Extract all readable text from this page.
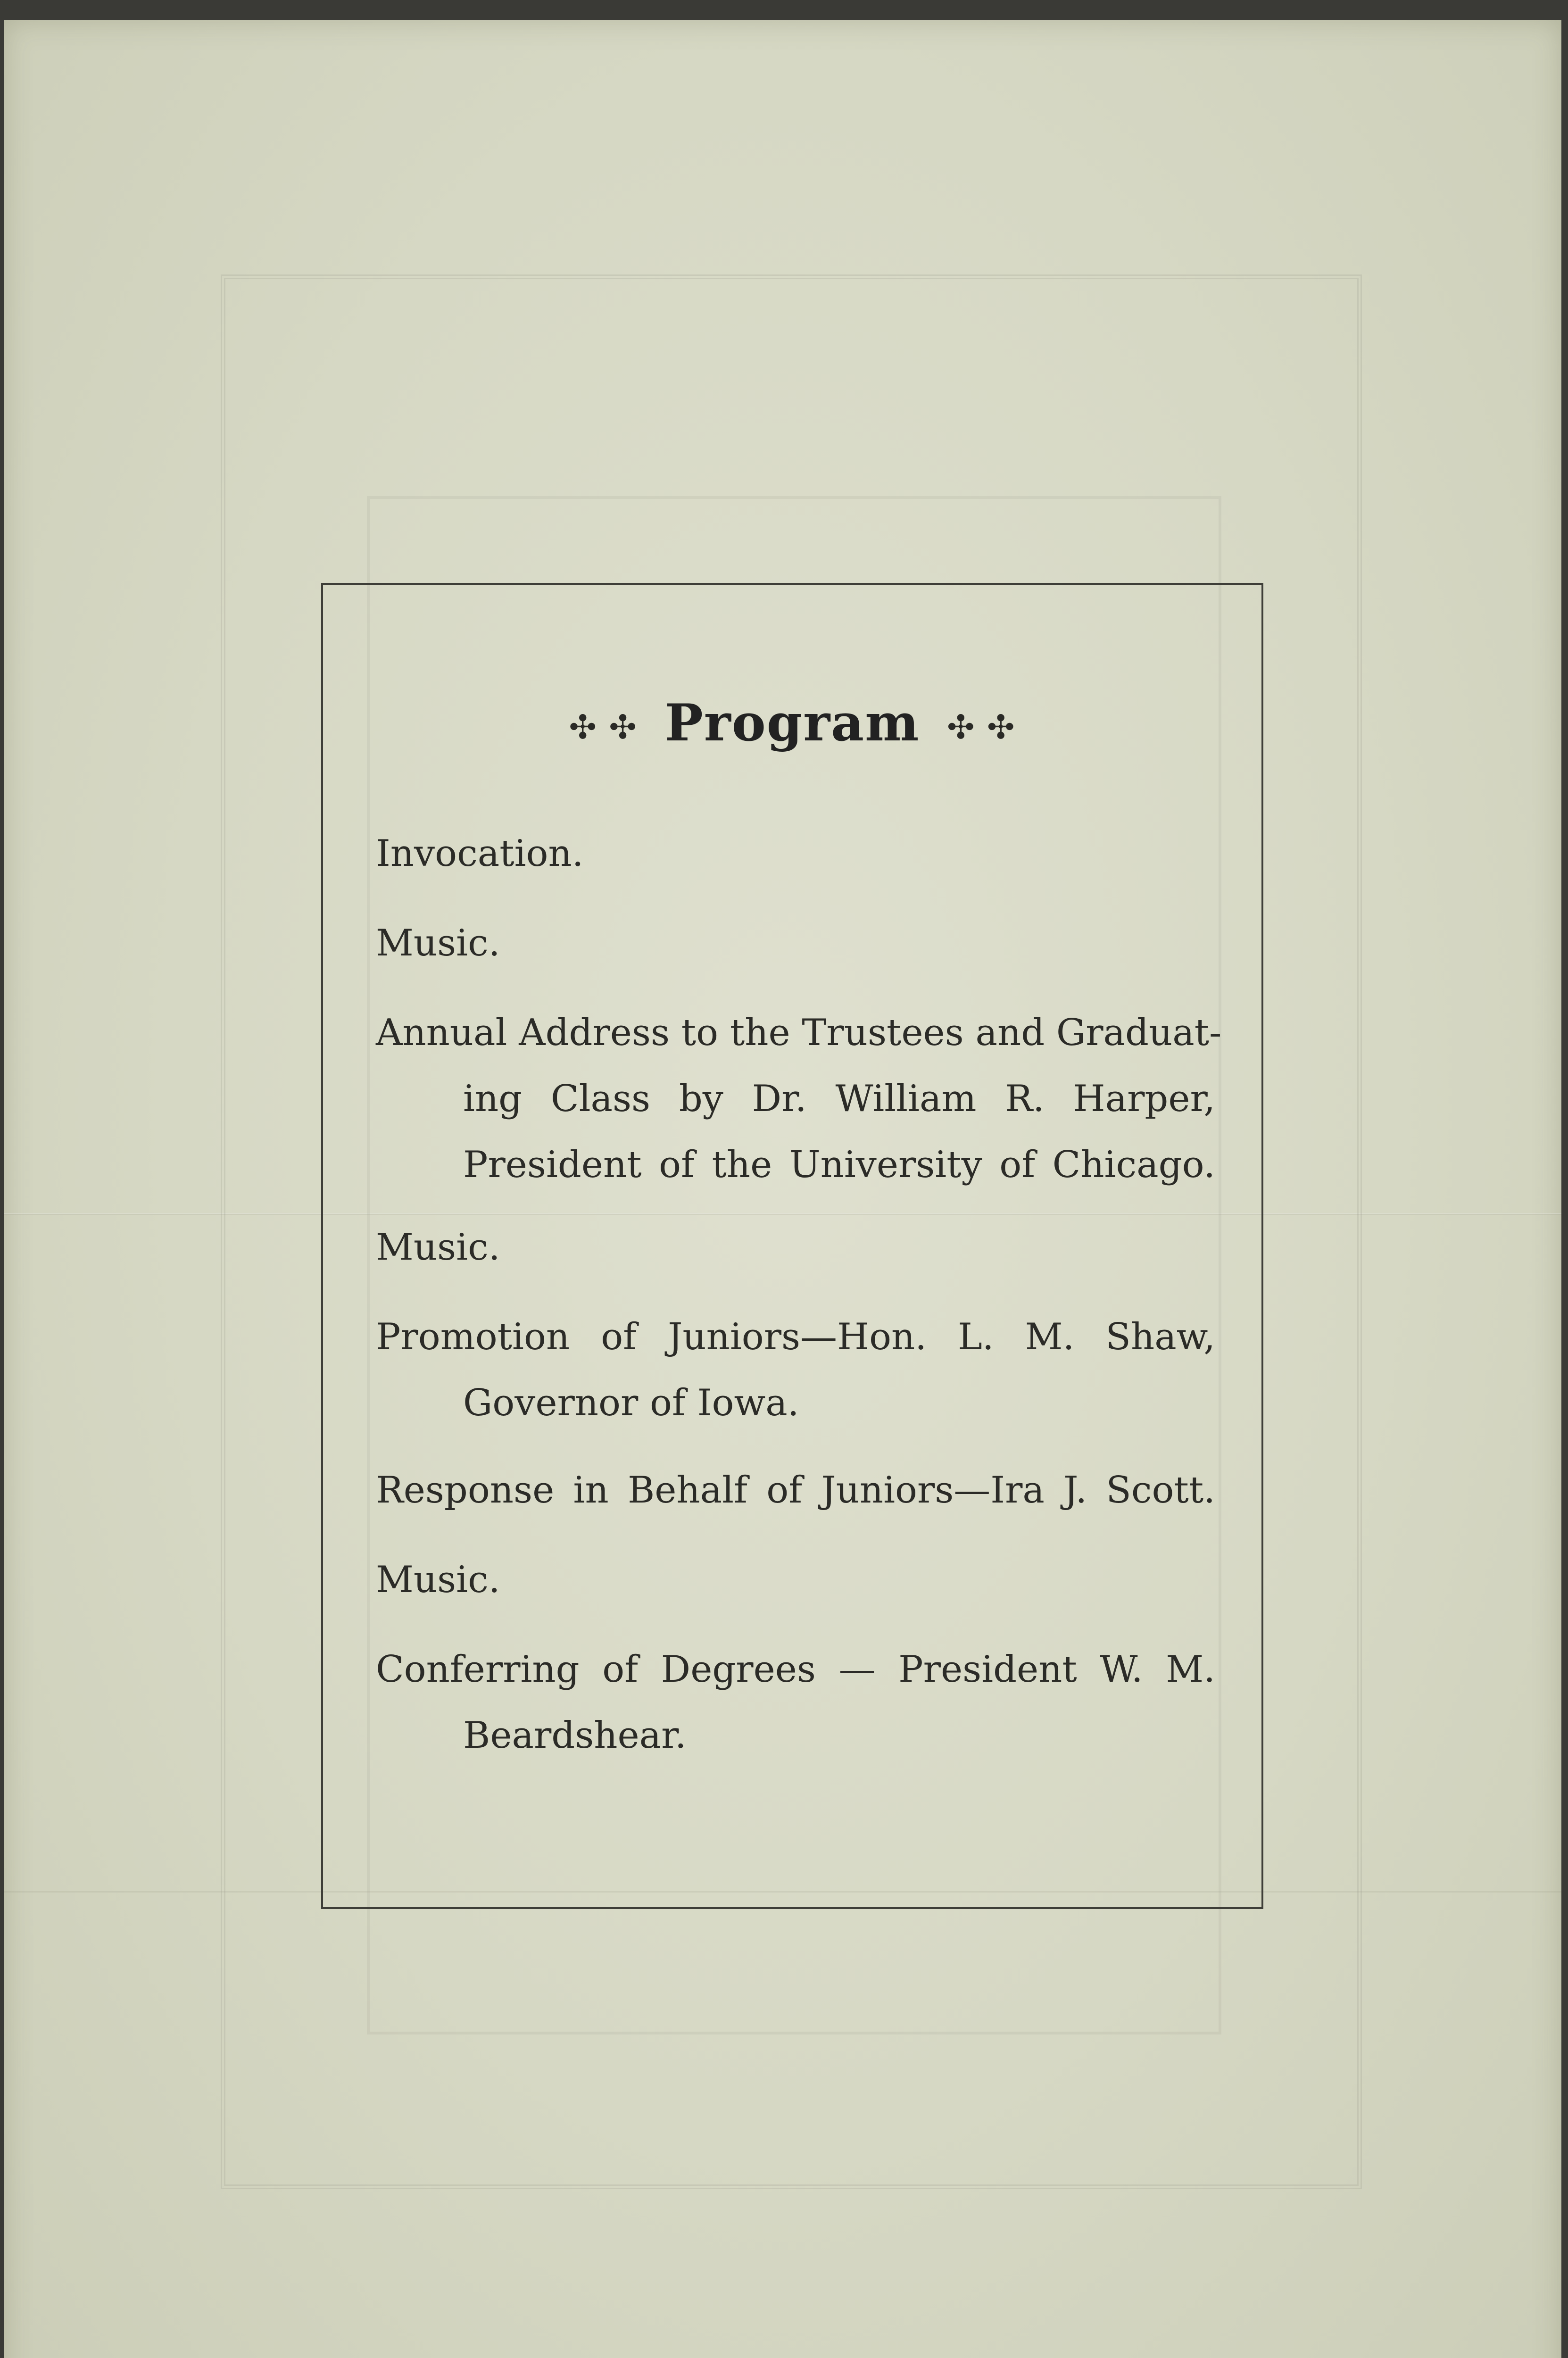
✣ ✣ Program ✣ ✣
Invocation.
Music.
Annual Address to the Trustees and Graduat-
ing Class by Dr. William R. Harper,
President of the University of Chicago.
Music.
Promotion of Juniors—Hon. L. M. Shaw,
Governor of Iowa.
Response in Behalf of Juniors—Ira J. Scott.
Music.
Conferring of Degrees — President W. M.
Beardshear.
